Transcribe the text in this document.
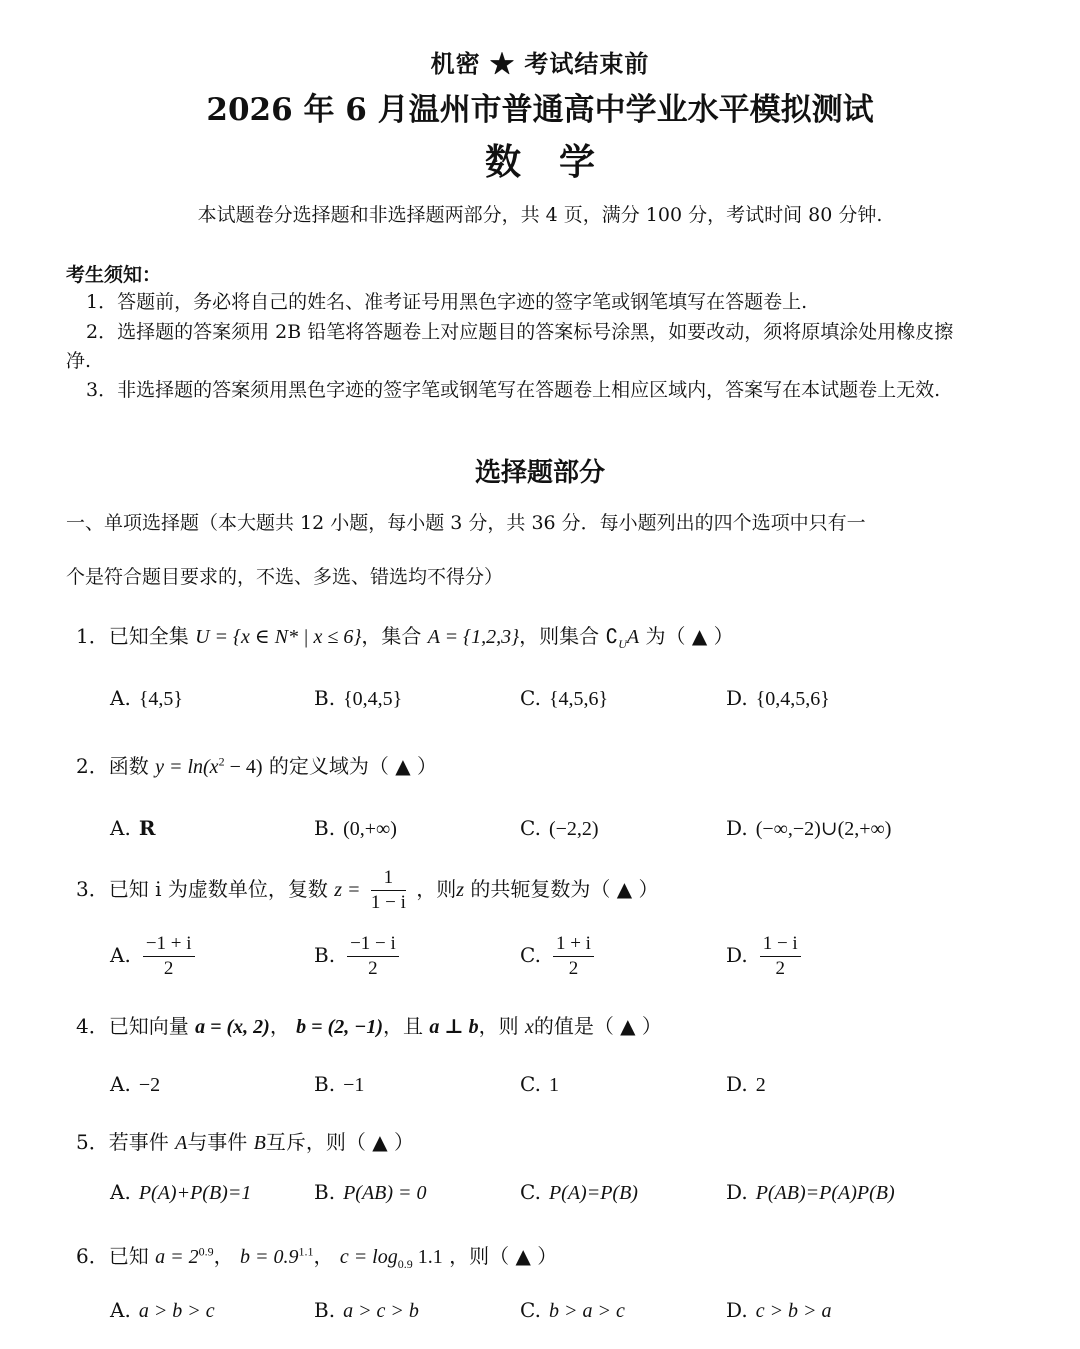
机密 ★ 考试结束前
2026 年 6 月温州市普通高中学业水平模拟测试
数学
本试题卷分选择题和非选择题两部分，共 4 页，满分 100 分，考试时间 80 分钟.
考生须知：
1．答题前，务必将自己的姓名、准考证号用黑色字迹的签字笔或钢笔填写在答题卷上.
2．选择题的答案须用 2B 铅笔将答题卷上对应题目的答案标号涂黑，如要改动，须将原填涂处用橡皮擦净.
3．非选择题的答案须用黑色字迹的签字笔或钢笔写在答题卷上相应区域内，答案写在本试题卷上无效.
选择题部分
一、单项选择题（本大题共 12 小题，每小题 3 分，共 36 分．每小题列出的四个选项中只有一
个是符合题目要求的，不选、多选、错选均不得分）
1．已知全集 U = {x ∈ N* | x ≤ 6}，集合 A = {1,2,3}，则集合 $∁_UA$ 为（ ▲ ）
A. {4,5}	B. {0,4,5}	C. {4,5,6}	D. {0,4,5,6}
2．函数 $y = \ln(x^2 - 4)$ 的定义域为（ ▲ ）
A. R	B. (0,+∞)	C. (−2,2)	D. (−∞,−2)∪(2,+∞)
3．已知 i 为虚数单位，复数 $z = \frac{1}{1 - i}$ ，则z 的共轭复数为（ ▲ ）
A. $\frac{-1 + i}{2}$	B. $\frac{-1 - i}{2}$	C. $\frac{1 + i}{2}$	D. $\frac{1 - i}{2}$
4．已知向量 a = (x, 2)， b = (2, −1)，且 a ⊥ b，则 x的值是（ ▲ ）
A. −2	B. −1	C. 1	D. 2
5．若事件 A与事件 B互斥，则（ ▲ ）
A. P(A)+P(B)=1	B. P(AB) = 0	C. P(A)=P(B)	D. P(AB)=P(A)P(B)
6．已知 $a = 2^{0.9}$， $b = 0.9^{1.1}$， $c = \log_{0.9} 1.1$ ，则（ ▲ ）
A. a > b > c	B. a > c > b	C. b > a > c	D. c > b > a
